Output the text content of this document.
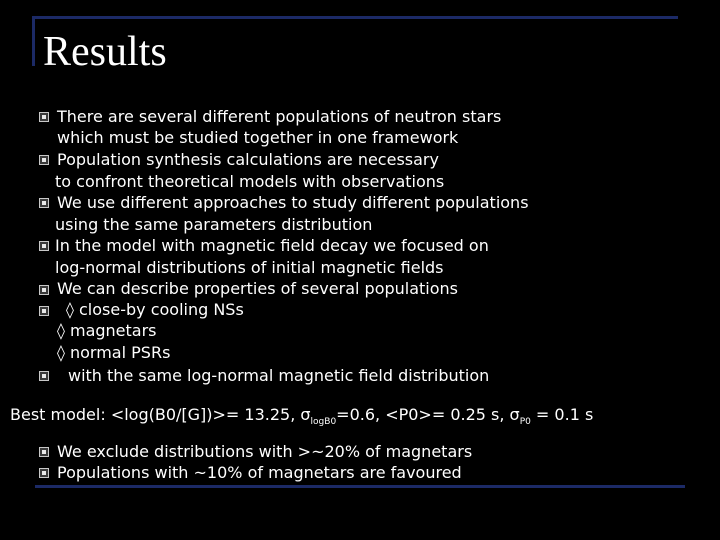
Results
There are several different populations of neutron stars
which must be studied together in one framework
Population synthesis calculations are necessary
to confront theoretical models with observations
We use different approaches to study different populations
using the same parameters distribution
In the model with magnetic field decay we focused on
log-normal distributions of initial magnetic fields
We can describe properties of several populations
◊ close-by cooling NSs
◊ magnetars
◊ normal PSRs
with the same log-normal magnetic field distribution
Best model: <log(B0/[G])>= 13.25, $\sigma_{logB0}=0.6$, <P0>= 0.25 s, $\sigma_{P0} = 0.1$ s
We exclude distributions with >~20% of magnetars
Populations with ~10% of magnetars are favoured
